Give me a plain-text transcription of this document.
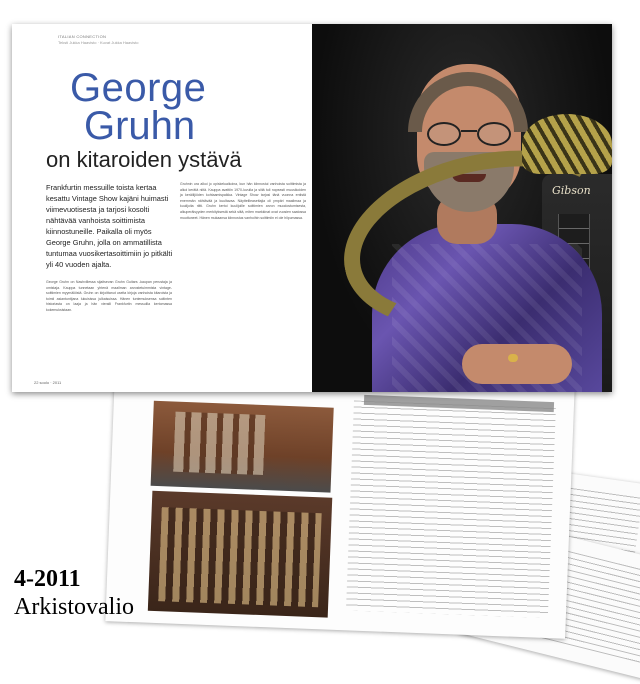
ITALIAN CONNECTION
Teksti Jukka Haavisto · Kuvat Jukka Haavisto
George
Gruhn
on kitaroiden ystävä
Frankfurtin messuille toista kertaa kesattu Vintage Show kajäni huimasti viimevuotisesta ja tarjosi kosolti nähtävää vanhoista soittimista kiinnostuneille. Paikalla oli myös George Gruhn, jolla on ammatillista tuntumaa vuosikertasoittimiin jo pitkälti yli 40 vuoden ajalta.
George Gruhn on Nashvillessa sijaitsevan Gruhn Guitars -kaupan perustaja ja omistaja. Kauppa tunnetaan yhtenä maailman arvostetuimmista vintage-soittimien myymälöistä. Gruhn on kirjoittanut useita kirjoja vanhoista kitaroista ja toimii asiantuntijana lukuisissa julkaisuissa. Hänen tuntemuksensa soitinten historiasta on laaja ja hän vieraili Frankfurtin messuilla kertomassa kokemuksistaan.
Gruhnin ura alkoi jo opiskeluaikoina, kun hän kiinnostui vanhoista soittimista ja alkoi kerätä niitä. Kauppa avattiin 1970-luvulla ja siitä tuli nopeasti muusikoiden ja keräilijöiden kohtaamispaikka. Vintage Show tarjosi tänä vuonna entistä enemmän nähtävää ja kuultavaa. Näytteilleasettajia oli ympäri maailmaa ja kuulijoita riitti. Gruhn kertoi kuulijoille soittimien arvon muodostumisesta, alkuperäisyyden merkityksestä sekä siitä, miten markkinat ovat vuosien saatossa muuttuneet. Hänen mukaansa kiinnostus vanhoihin soittimiin ei ole hiipumassa.
22 soolo · 2011
Gibson
4-2011
Arkistovalio
